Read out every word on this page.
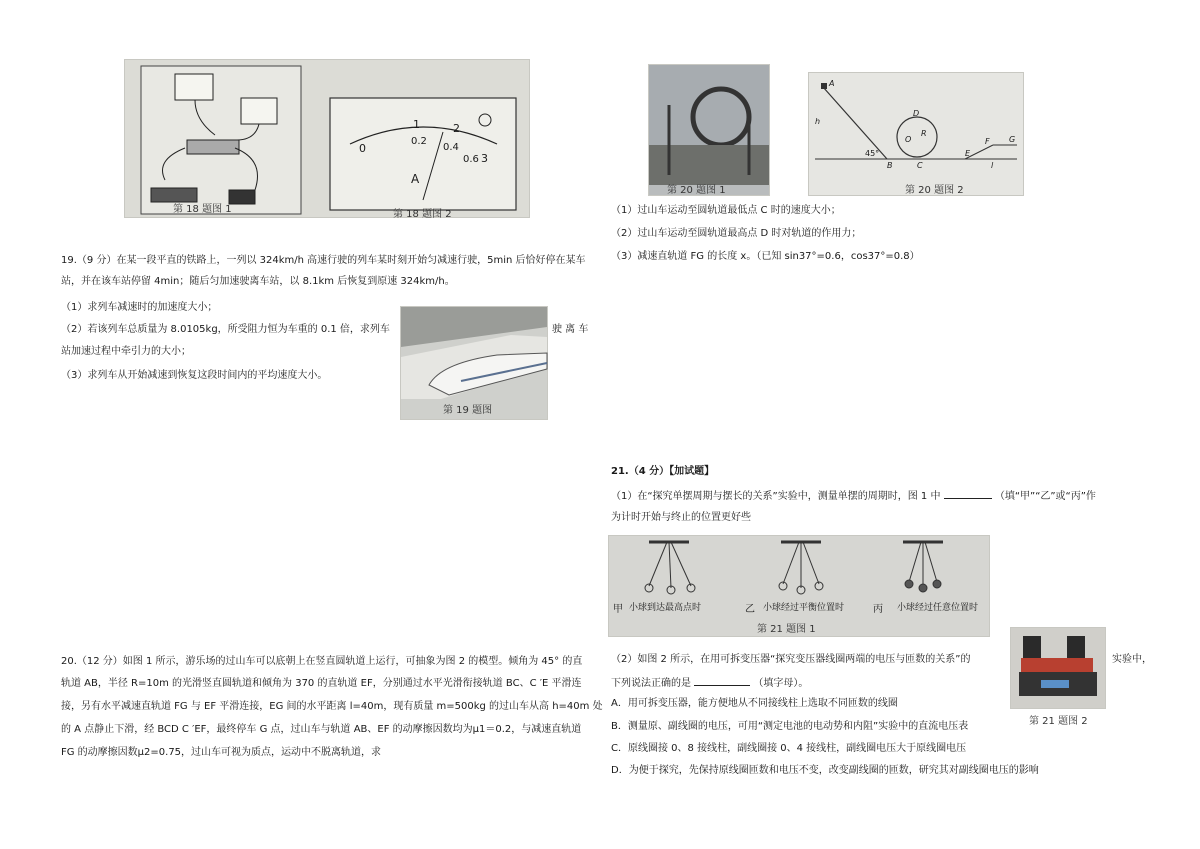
1	2
0
0.2
0.4
0.6 3
A
第 18 题图 1	第 18 题图 2
19.（9 分）在某一段平直的铁路上，一列以 324km/h 高速行驶的列车某时刻开始匀减速行驶，5min 后恰好停在某车
站，并在该车站停留 4min；随后匀加速驶离车站，以 8.1km 后恢复到原速 324km/h。
（1）求列车减速时的加速度大小；
（2）若该列车总质量为 8.0105kg，所受阻力恒为车重的 0.1 倍，求列车	驶 离 车
站加速过程中牵引力的大小；
（3）求列车从开始减速到恢复这段时间内的平均速度大小。
第 19 题图
20.（12 分）如图 1 所示，游乐场的过山车可以底朝上在竖直圆轨道上运行，可抽象为图 2 的模型。倾角为 45° 的直
轨道 AB，半径 R=10m 的光滑竖直圆轨道和倾角为 370 的直轨道 EF，分别通过水平光滑衔接轨道 BC、C ′E 平滑连
接，另有水平减速直轨道 FG 与 EF 平滑连接，EG 间的水平距离 l=40m，现有质量 m=500kg 的过山车从高 h=40m 处
的 A 点静止下滑，经 BCD C ′EF，最终停车 G 点，过山车与轨道 AB、EF 的动摩擦因数均为μ1＝0.2，与减速直轨道
FG 的动摩擦因数μ2=0.75，过山车可视为质点，运动中不脱离轨道，求
第 20 题图 1
A
h
45°
B
D
O
R
C
E
F G
l
第 20 题图 2
（1）过山车运动至圆轨道最低点 C 时的速度大小；
（2）过山车运动至圆轨道最高点 D 时对轨道的作用力；
（3）减速直轨道 FG 的长度 x。（已知 sin37°=0.6，cos37°=0.8）
21.（4 分）【加试题】
（1）在“探究单摆周期与摆长的关系”实验中，测量单摆的周期时，图 1 中	（填“甲”“乙”或“丙”作
为计时开始与终止的位置更好些
甲 小球到达最高点时	乙 小球经过平衡位置时	丙 小球经过任意位置时
第 21 题图 1
（2）如图 2 所示，在用可拆变压器“探究变压器线圈两端的电压与匝数的关系”的	实验中，
下列说法正确的是	（填字母）。
第 21 题图 2
A．用可拆变压器，能方便地从不同接线柱上选取不同匝数的线圈
B．测量原、副线圈的电压，可用“测定电池的电动势和内阻”实验中的直流电压表
C．原线圈接 0、8 接线柱，副线圈接 0、4 接线柱，副线圈电压大于原线圈电压
D．为便于探究，先保持原线圈匝数和电压不变，改变副线圈的匝数，研究其对副线圈电压的影响
